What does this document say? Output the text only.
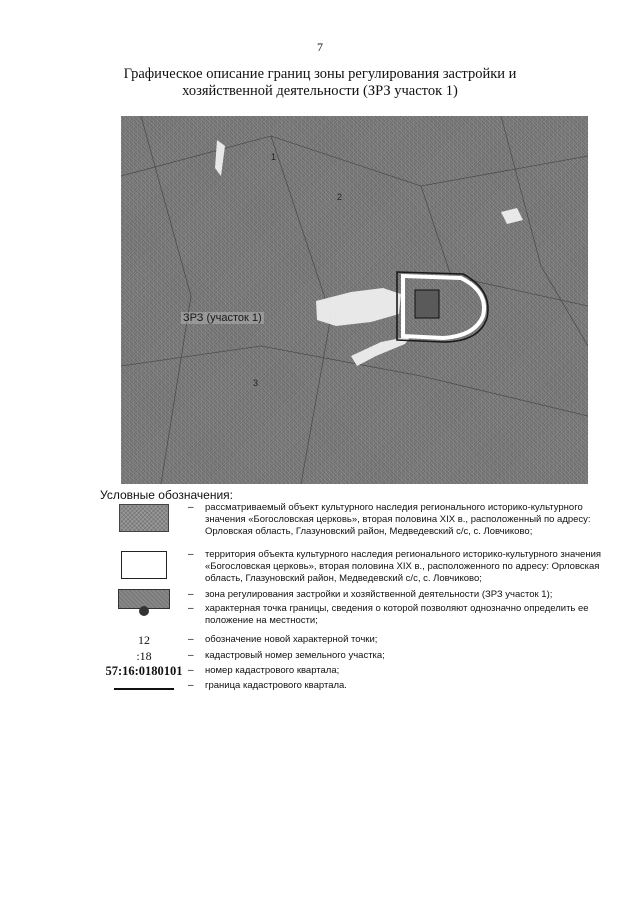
7
Графическое описание границ зоны регулирования застройки и
хозяйственной деятельности (ЗРЗ участок 1)
ЗРЗ (участок 1)
1
2
3
Условные обозначения:
–	рассматриваемый объект культурного наследия регионального историко-культурного значения «Богословская церковь», вторая половина XIX в., расположенный по адресу: Орловская область, Глазуновский район, Медведевский с/с, с. Ловчиково;
–	территория объекта культурного наследия регионального историко-культурного значения «Богословская церковь», вторая половина XIX в., расположенного по адресу: Орловская область, Глазуновский район, Медведевский с/с, с. Ловчиково;
–	зона регулирования застройки и хозяйственной деятельности (ЗРЗ участок 1);
–	характерная точка границы, сведения о которой позволяют однозначно определить ее положение на местности;
12	–	обозначение новой характерной точки;
:18	–	кадастровый номер земельного участка;
57:16:0180101 –	номер кадастрового квартала;
–	граница кадастрового квартала.
